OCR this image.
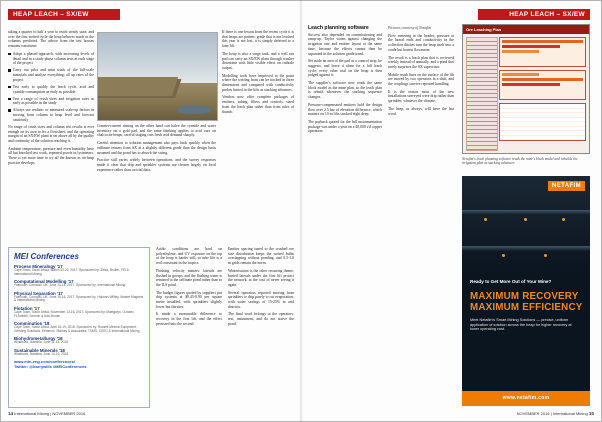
HEAP LEACH – SX/EW

taking a quarter to half a year to reach steady state, and over the first wetted cycle the heap behaves much as the columns predicted. The advice from the test houses remains consistent:

Adopt a phased approach, with increasing levels of detail and in a study phase column tests at each stage of the project
Carry out pilot and mini trials of the full-scale materials and analyse everything; all up rates of the project
Test early to qualify the leach cycle, acid and cyanide consumption as early as possible
Test a range of crush sizes and irrigation rates as early as possible in the study
Always use realistic or measured scale-up factors in moving from column to heap level and forecast cautiously

No range of crush sizes and column test results is ever enough on its own to fix a flowsheet, and the operating margin of an SX/EW plant is set above all by the quality and continuity of the solution reaching it.

Ambient temperature, pressure and even humidity have all but knocked test work, repeated proofs in lysimeters. There is yet more time to try all the known as on-heap practice develops.

Counter-current rinsing on the other hand can halve the cyanide and water inventory on a gold pad, and the same thinking applies to acid cure on chalcocite heaps; careful staging cuts fresh acid demand sharply.

Careful attention to solution management also pays back quickly when the raffinate returns from SX at a slightly different grade than the design basis assumed and the pond has to absorb the swing.

Practice still varies widely between operations, and the survey responses made it clear that drip and sprinkler systems are chosen largely on local experience rather than on trial data.

If there is one lesson from the recent cycle it is that heaps are patient: grade that is not leached this year is not lost, it is simply deferred to a later lift.

The heap is also a surge tank, and a well run pad can carry an SX/EW plant through crusher downtime with little visible effect on cathode output.

Modelling tools have improved to the point where the wetting front can be tracked in three dimensions and compared with conductivity probes buried in the lifts as stacking advances.

Vendors now offer complete packages of emitters, tubing, filters and controls, sized from the leach plan rather than from rules of thumb.

MEI Conferences
Process Mineralogy '17
Cape Town, South Africa, March 20-22, 2017. Sponsored by: Zeiss, Bruker, FEI & International Mining
Computational Modelling '17
Falmouth, Cornwall, UK, June 13-14, 2017. Sponsored by: International Mining
Physical Separation '17
Falmouth, Cornwall, UK, June 15-16, 2017. Sponsored by: Holman-Wilfley, Master Magnets & International Mining
Flotation '17
Cape Town, South Africa, November 13-16, 2017. Sponsored by: Maelgwyn, Outotec, FLSmidth, Senmin & Axis House
Comminution '18
Cape Town, South Africa, April 16-19, 2018. Sponsored by: Russell Mineral Equipment, Grinding Solutions, Keramos, Starkey & Associates, TOMS, CEEC & International Mining
Biohydrometallurgy '18
Windhoek, Namibia, June 11-13, 2018
Sustainable Minerals '18
Windhoek, Namibia, June 14-15, 2018
www.min-eng.com/conferences/
Twitter: @barrywills #MEIConferences

Acidic conditions are hard on polyethylene, and UV exposure on the top of the heap is harder still, so tube life is a real constraint in the tropics.

Flushing velocity matters: laterals are flushed in groups, and the flushing water is returned to the raffinate pond rather than to the ILS pond.

The budget figures quoted by suppliers put drip systems at $0.45-0.90 per square metre installed, with sprinklers slightly lower but thirstier.

It made a measurable difference to recovery in the first lift, and the effect persisted into the second.

Emitter spacing tuned to the crushed ore size distribution keeps the wetted bulbs overlapping without ponding, and 0.5-1.0 m grids remain the norm.

Winterisation is the other recurring theme: buried laterals under the first lift protect the network, at the cost of never seeing it again.

Several operators reported moving from sprinklers to drip purely to cut evaporation, with water savings of 15-25% in arid districts.

The final word belongs to the operators: test, instrument, and do not starve the pond.

14 International Mining | NOVEMBER 2016
HEAP LEACH – SX/EW
Leach planning software

Success also depended on commissioning and ramp-up. Taylor warns against changing the irrigation rate and emitter layout at the same time, because the effects cannot then be separated in the solution grade trend.

Set aside an area of the pad as a control strip, he suggests, and leave it alone for a full leach cycle; every other trial on the heap is then judged against it.

The supplier's software now reads the same block model as the mine plan, so the leach plan is rebuilt whenever the stacking sequence changes.

Pressure-compensated emitters hold the design flow over 2.5 bar of elevation difference, which matters on 10 m lifts stacked eight deep.

The payback quoted for the full instrumentation package was under a year on a 40,000 t/d copper operation.

Pictures courtesy of Netafim

Flow metering at the header, pressure at the lateral ends and conductivity in the collection ditches turn the heap itself into a crude but honest flowmeter.

The result is a leach plan that is reviewed weekly instead of annually, and a pond that rarely surprises the SX supervisor.

Mobile trunk lines on the surface of the lift are moved by two operators in a shift, and the couplings survive repeated handling.

It is the reason most of the new installations surveyed were drip rather than sprinkler, whatever the climate.

The heap, as always, will have the last word.

Ore Leaching Plan
Netafim's leach planning software reads the mine's block model and rebuilds the irrigation plan as stacking advances
NETAFIM
Ready to Get More Out of Your Mine?
MAXIMUM RECOVERY
MAXIMUM EFFICIENCY
Meet Netafim's Smart Mining Solutions — precise, uniform application of solution across the heap for higher recovery at lower operating cost.
www.netafim.com
NOVEMBER 2016 | International Mining 15
